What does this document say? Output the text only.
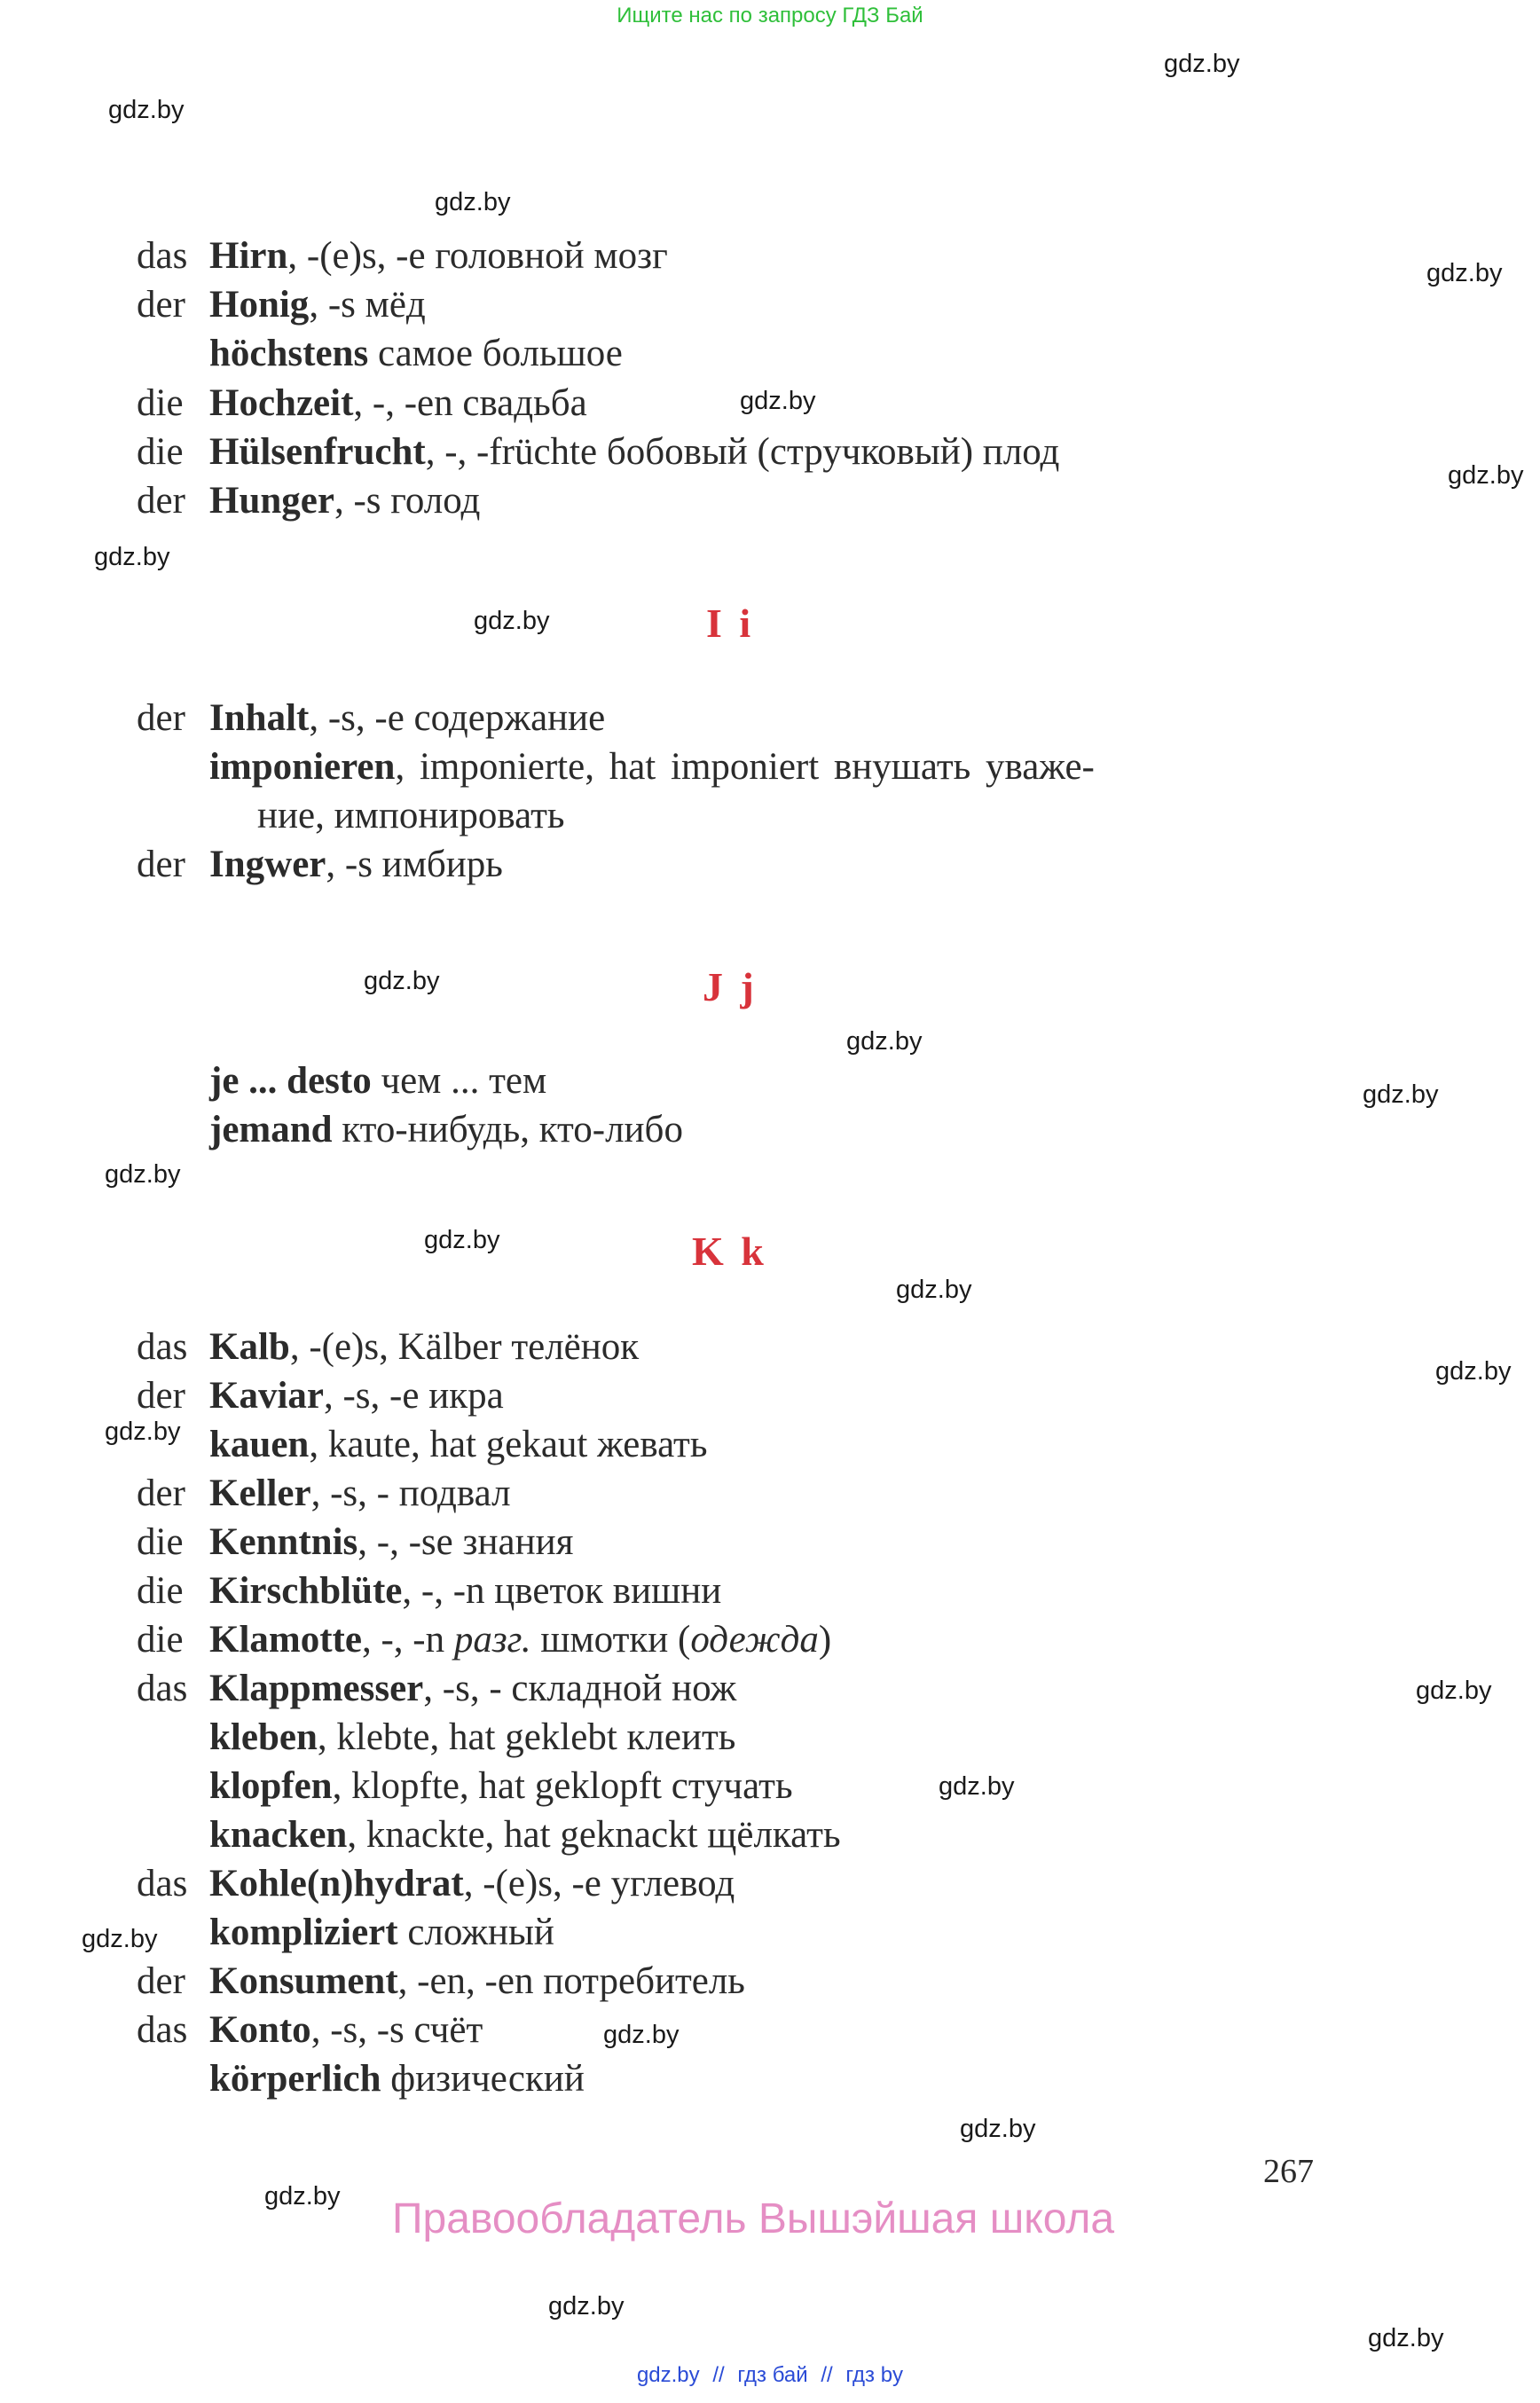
Ищите нас по запросу ГДЗ Бай
gdz.by
gdz.by
gdz.by
gdz.by
gdz.by
gdz.by
gdz.by
gdz.by
gdz.by
gdz.by
gdz.by
gdz.by
gdz.by
gdz.by
gdz.by
gdz.by
gdz.by
gdz.by
gdz.by
gdz.by
gdz.by
gdz.by
gdz.by
gdz.by
das Hirn, -(e)s, -e головной мозг
der Honig, -s мёд
höchstens самое большое
die Hochzeit, -, -en свадьба
die Hülsenfrucht, -, -früchte бобовый (стручковый) плод
der Hunger, -s голод
I i
der Inhalt, -s, -e содержание
imponieren, imponierte, hat imponiert внушать уваже-
ние, импонировать
der Ingwer, -s имбирь
J j
je ... desto чем ... тем
jemand кто-нибудь, кто-либо
K k
das Kalb, -(e)s, Kälber телёнок
der Kaviar, -s, -e икра
kauen, kaute, hat gekaut жевать
der Keller, -s, - подвал
die Kenntnis, -, -se знания
die Kirschblüte, -, -n цветок вишни
die Klamotte, -, -n разг. шмотки (одежда)
das Klappmesser, -s, - складной нож
kleben, klebte, hat geklebt клеить
klopfen, klopfte, hat geklopft стучать
knacken, knackte, hat geknackt щёлкать
das Kohle(n)hydrat, -(e)s, -e углевод
kompliziert сложный
der Konsument, -en, -en потребитель
das Konto, -s, -s счёт
körperlich физический
267
Правообладатель Вышэйшая школа
gdz.by // гдз бай // гдз by
